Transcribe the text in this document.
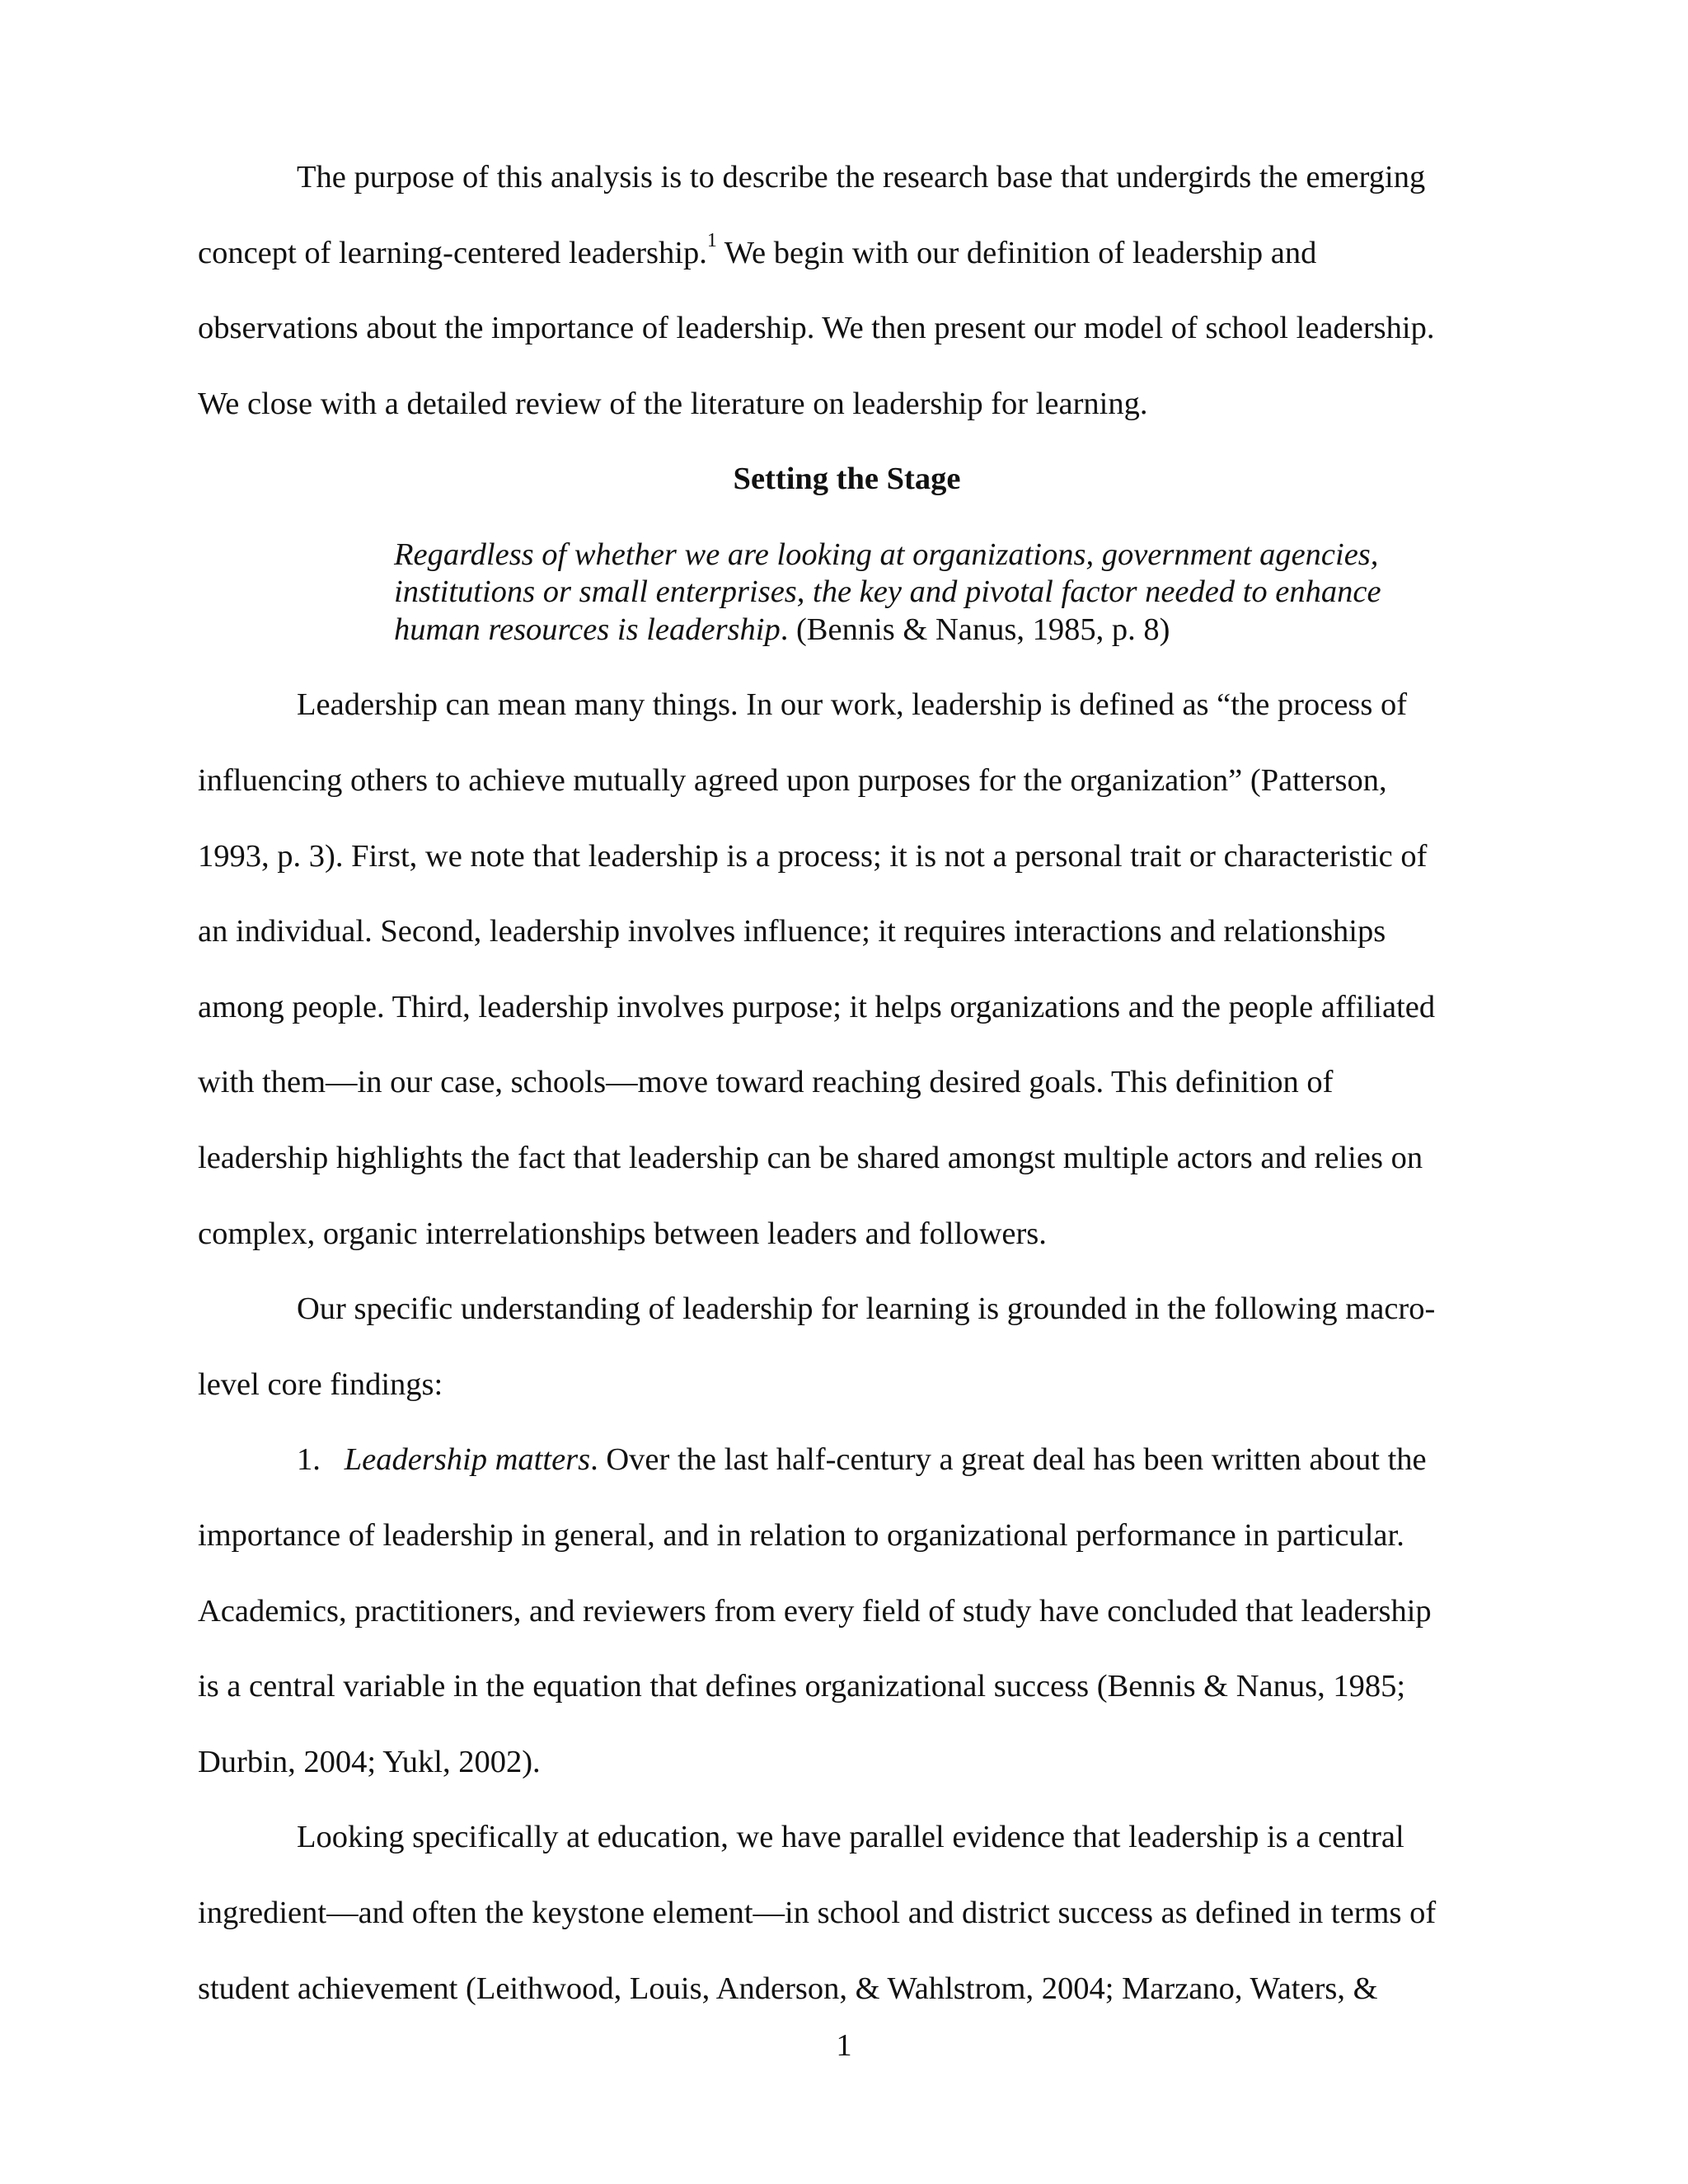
The purpose of this analysis is to describe the research base that undergirds the emerging
concept of learning-centered leadership.$^1$ We begin with our definition of leadership and
observations about the importance of leadership. We then present our model of school leadership.
We close with a detailed review of the literature on leadership for learning.
Setting the Stage
Regardless of whether we are looking at organizations, government agencies,
institutions or small enterprises, the key and pivotal factor needed to enhance
human resources is leadership. (Bennis & Nanus, 1985, p. 8)
Leadership can mean many things. In our work, leadership is defined as “the process of
influencing others to achieve mutually agreed upon purposes for the organization” (Patterson,
1993, p. 3). First, we note that leadership is a process; it is not a personal trait or characteristic of
an individual. Second, leadership involves influence; it requires interactions and relationships
among people. Third, leadership involves purpose; it helps organizations and the people affiliated
with them—in our case, schools—move toward reaching desired goals. This definition of
leadership highlights the fact that leadership can be shared amongst multiple actors and relies on
complex, organic interrelationships between leaders and followers.
Our specific understanding of leadership for learning is grounded in the following macro-
level core findings:
1. Leadership matters. Over the last half-century a great deal has been written about the
importance of leadership in general, and in relation to organizational performance in particular.
Academics, practitioners, and reviewers from every field of study have concluded that leadership
is a central variable in the equation that defines organizational success (Bennis & Nanus, 1985;
Durbin, 2004; Yukl, 2002).
Looking specifically at education, we have parallel evidence that leadership is a central
ingredient—and often the keystone element—in school and district success as defined in terms of
student achievement (Leithwood, Louis, Anderson, & Wahlstrom, 2004; Marzano, Waters, &
1
